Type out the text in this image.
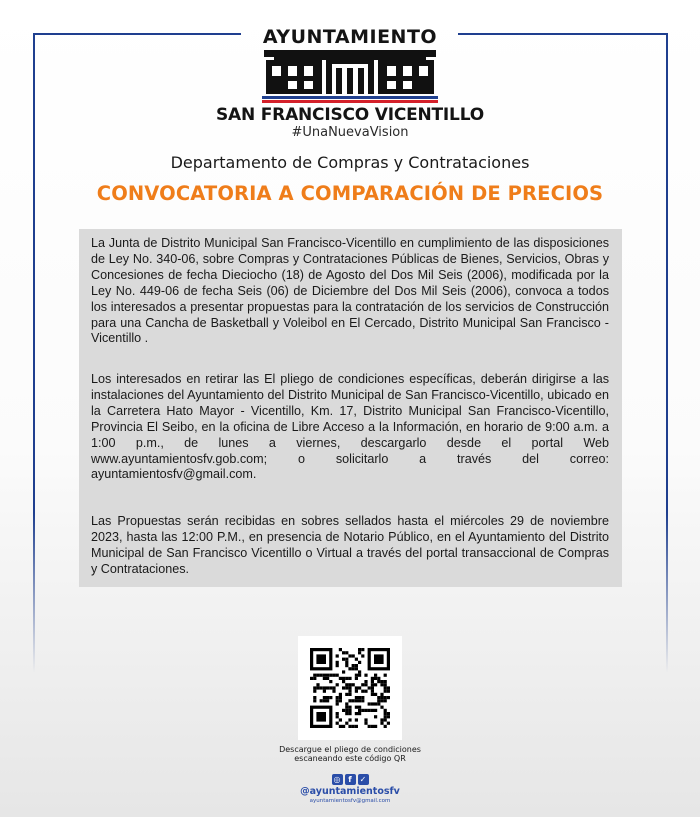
AYUNTAMIENTO
SAN FRANCISCO VICENTILLO
#UnaNuevaVision
Departamento de Compras y Contrataciones
CONVOCATORIA A COMPARACIÓN DE PRECIOS

La Junta de Distrito Municipal San Francisco-Vicentillo en cumplimiento de las disposiciones de Ley No. 340-06, sobre Compras y Contrataciones Públicas de Bienes, Servicios, Obras y Concesiones de fecha Dieciocho (18) de Agosto del Dos Mil Seis (2006), modificada por la Ley No. 449-06 de fecha Seis (06) de Diciembre del Dos Mil Seis (2006), convoca a todos los interesados a presentar propuestas para la contratación de los servicios de Construcción para una Cancha de Basketball y Voleibol en El Cercado, Distrito Municipal San Francisco - Vicentillo .

Los interesados en retirar las El pliego de condiciones específicas, deberán dirigirse a las instalaciones del Ayuntamiento del Distrito Municipal de San Francisco-Vicentillo, ubicado en la Carretera Hato Mayor - Vicentillo, Km. 17, Distrito Municipal San Francisco-Vicentillo, Provincia El Seibo, en la oficina de Libre Acceso a la Información, en horario de 9:00 a.m. a 1:00 p.m., de lunes a viernes, descargarlo desde el portal Web www.ayuntamientosfv.gob.com; o solicitarlo a través del correo: ayuntamientosfv@gmail.com.

Las Propuestas serán recibidas en sobres sellados hasta el miércoles 29 de noviembre 2023, hasta las 12:00 P.M., en presencia de Notario Público, en el Ayuntamiento del Distrito Municipal de San Francisco Vicentillo o Virtual a través del portal transaccional de Compras y Contrataciones.

Descargue el pliego de condiciones
escaneando este código QR
◎ f ✓
@ayuntamientosfv
ayuntamientosfv@gmail.com
